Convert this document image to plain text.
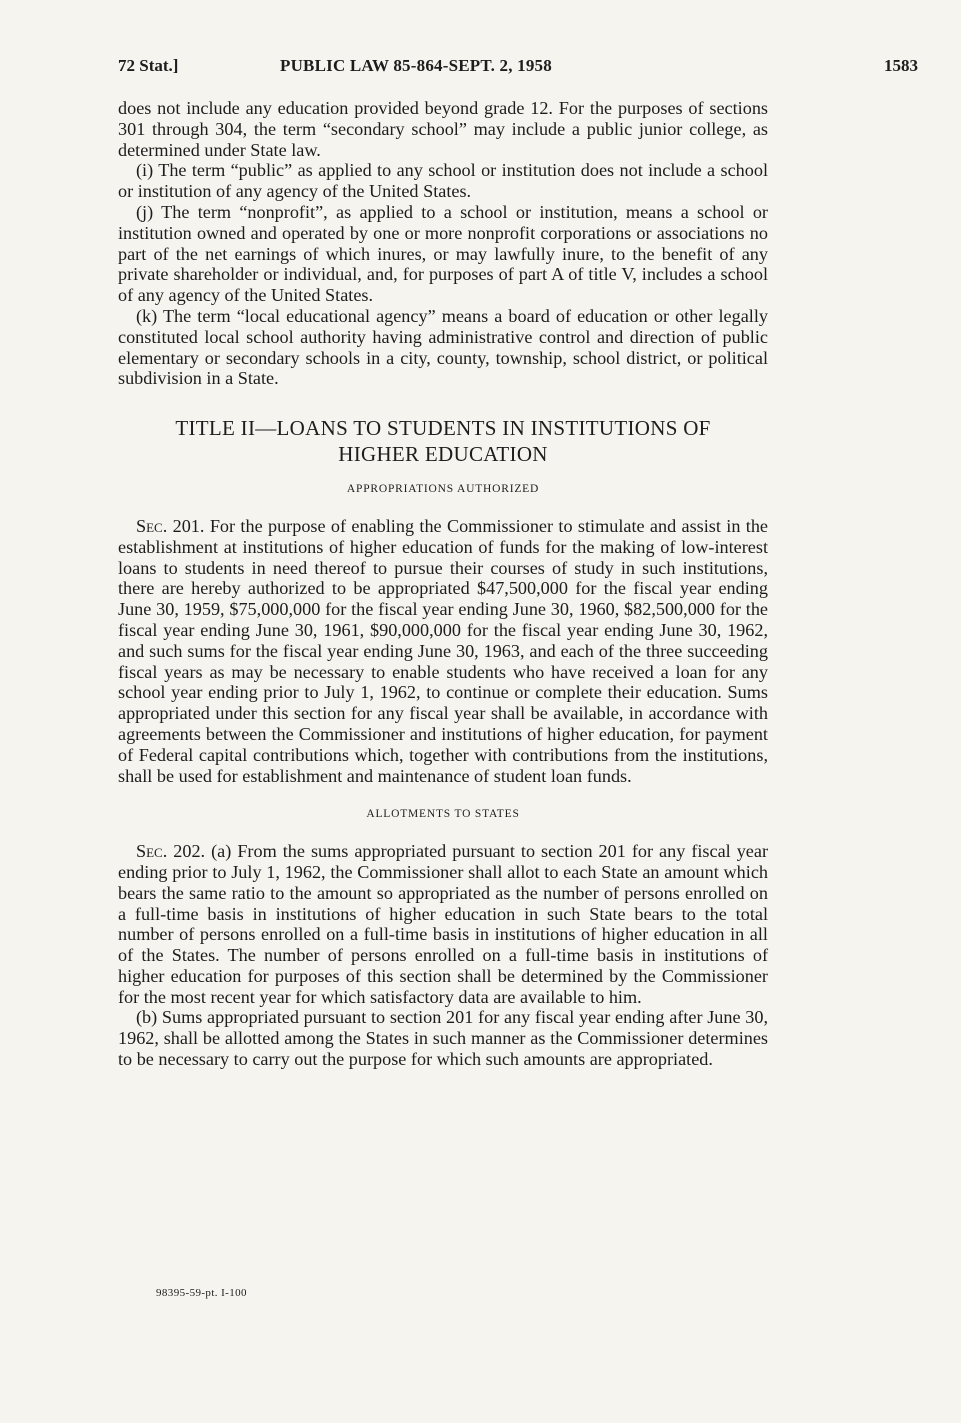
72 Stat.]	PUBLIC LAW 85-864-SEPT. 2, 1958	1583

does not include any education provided beyond grade 12. For the purposes of sections 301 through 304, the term “secondary school” may include a public junior college, as determined under State law.

(i) The term “public” as applied to any school or institution does not include a school or institution of any agency of the United States.

(j) The term “nonprofit”, as applied to a school or institution, means a school or institution owned and operated by one or more nonprofit corporations or associations no part of the net earnings of which inures, or may lawfully inure, to the benefit of any private shareholder or individual, and, for purposes of part A of title V, includes a school of any agency of the United States.

(k) The term “local educational agency” means a board of education or other legally constituted local school authority having administrative control and direction of public elementary or secondary schools in a city, county, township, school district, or political subdivision in a State.

TITLE II—LOANS TO STUDENTS IN INSTITUTIONS OF
HIGHER EDUCATION
APPROPRIATIONS AUTHORIZED

Sec. 201. For the purpose of enabling the Commissioner to stimulate and assist in the establishment at institutions of higher education of funds for the making of low-interest loans to students in need thereof to pursue their courses of study in such institutions, there are hereby authorized to be appropriated $47,500,000 for the fiscal year ending June 30, 1959, $75,000,000 for the fiscal year ending June 30, 1960, $82,500,000 for the fiscal year ending June 30, 1961, $90,000,000 for the fiscal year ending June 30, 1962, and such sums for the fiscal year ending June 30, 1963, and each of the three succeeding fiscal years as may be necessary to enable students who have received a loan for any school year ending prior to July 1, 1962, to continue or complete their education. Sums appropriated under this section for any fiscal year shall be available, in accordance with agreements between the Commissioner and institutions of higher education, for payment of Federal capital contributions which, together with contributions from the institutions, shall be used for establishment and maintenance of student loan funds.

ALLOTMENTS TO STATES

Sec. 202. (a) From the sums appropriated pursuant to section 201 for any fiscal year ending prior to July 1, 1962, the Commissioner shall allot to each State an amount which bears the same ratio to the amount so appropriated as the number of persons enrolled on a full-time basis in institutions of higher education in such State bears to the total number of persons enrolled on a full-time basis in institutions of higher education in all of the States. The number of persons enrolled on a full-time basis in institutions of higher education for purposes of this section shall be determined by the Commissioner for the most recent year for which satisfactory data are available to him.

(b) Sums appropriated pursuant to section 201 for any fiscal year ending after June 30, 1962, shall be allotted among the States in such manner as the Commissioner determines to be necessary to carry out the purpose for which such amounts are appropriated.

98395-59-pt. I-100
